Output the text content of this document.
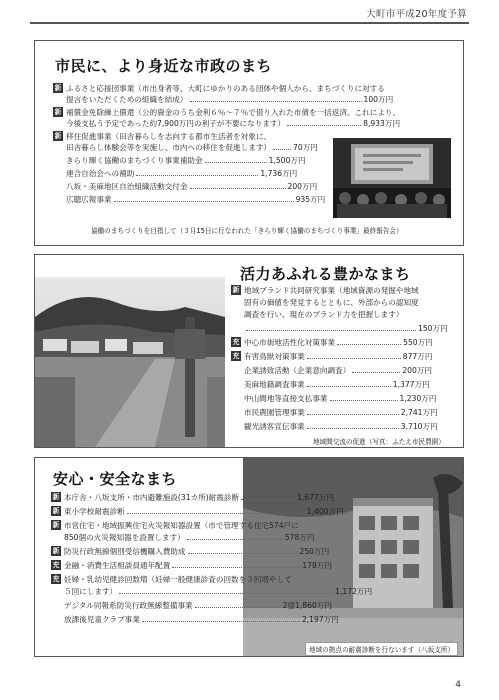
大町市平成20年度予算
市民に、より身近な市政のまち
新 ふるさと応援団事業（市出身者等、大町にゆかりのある団体や個人から、まちづくりに対する
提言をいただくための組織を結成）	100万円
新 補償金免除繰上償還（公的資金のうち金利６％～７％で借り入れた市債を一括返済。これにより、
今後支払う予定であった約7,900万円の利子が不要になります）	8,933万円
新 移住促進事業（田舎暮らしを志向する都市生活者を対象に、
田舎暮らし体験会等を実施し、市内への移住を促進します）	70万円
きらり輝く協働のまちづくり事業補助金	1,500万円
連合自治会への補助	1,736万円
八坂・美麻地区自治組織活動交付金	200万円
広聴広報事業	935万円
協働のまちづくりを目指して（３月15日に行なわれた「きらり輝く協働のまちづくり事業」最終報告会）
活力あふれる豊かなまち
新 地域ブランド共同研究事業（地域資源の発掘や地域
固有の価値を発見するとともに、外部からの認知度
調査を行い、現在のブランド力を把握します）
150万円
充 中心市街地活性化対策事業	550万円
充 有害鳥獣対策事業	877万円
企業誘致活動（企業意向調査）	200万円
美麻地籍調査事業	1,377万円
中山間地等直接支払事業	1,230万円
市民農園管理事業	2,741万円
観光誘客宣伝事業	3,710万円
地域間交流の促進（写真：ふたえ市民農園）
安心・安全なまち
新 本庁舎・八坂支所・市内避難施設(31カ所)耐震診断	1,677万円
新 東小学校耐震診断	1,400万円
新 市営住宅・地域振興住宅火災報知器設置（市で管理する住宅574戸に
850個の火災報知器を設置します）	578万円
新 防災行政無線個別受信機購入費助成	250万円
充 金融・消費生活相談員通年配置	178万円
充 妊婦・乳幼児健診回数増（妊婦一般健康診査の回数を３回増やして
５回にします）	1,172万円
デジタル同報系防災行政無線整備事業	2億1,860万円
放課後児童クラブ事業	2,197万円
地域の拠点の耐震診断を行ないます（八坂支所）
4
